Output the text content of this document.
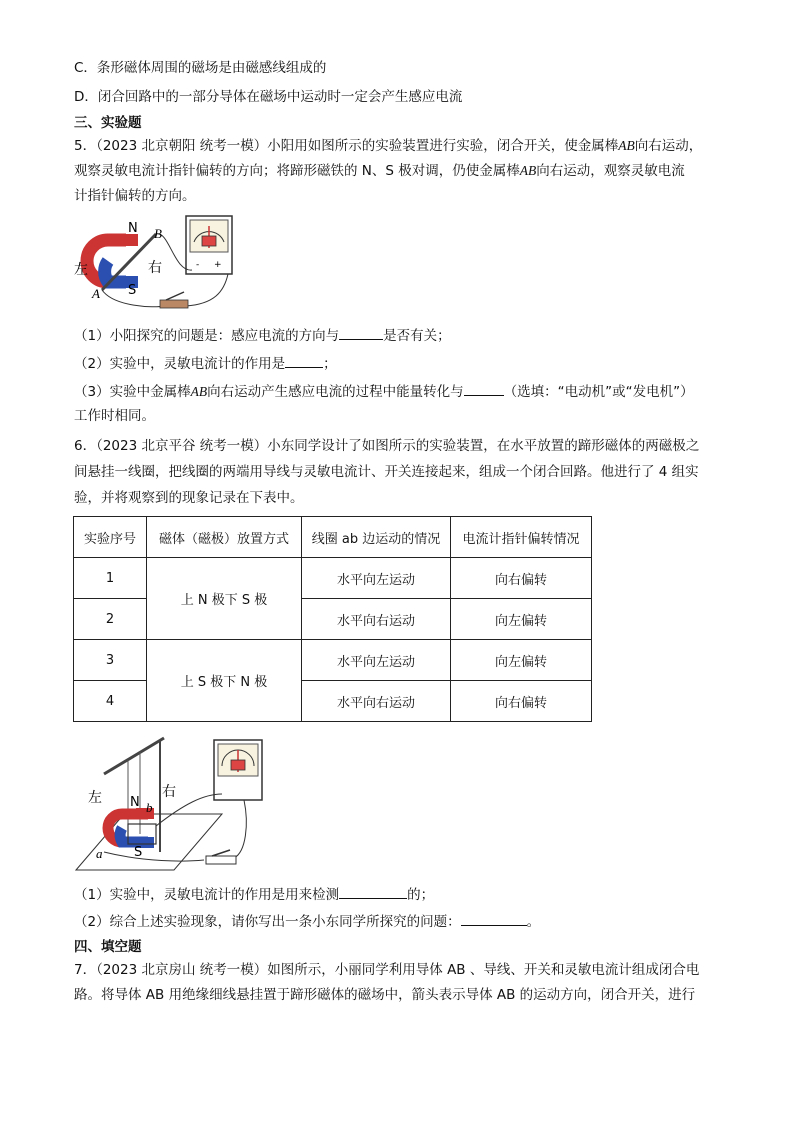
C．条形磁体周围的磁场是由磁感线组成的
D．闭合回路中的一部分导体在磁场中运动时一定会产生感应电流
三、实验题
5．（2023 北京朝阳 统考一模）小阳用如图所示的实验装置进行实验，闭合开关，使金属棒AB向右运动，
观察灵敏电流计指针偏转的方向；将蹄形磁铁的 N、S 极对调，仍使金属棒AB向右运动，观察灵敏电流
计指针偏转的方向。
- +
N
S
B
A
左	右
（1）小阳探究的问题是：感应电流的方向与	是否有关；
（2）实验中，灵敏电流计的作用是	；
（3）实验中金属棒AB向右运动产生感应电流的过程中能量转化与	（选填：“电动机”或“发电机”）
工作时相同。
6．（2023 北京平谷 统考一模）小东同学设计了如图所示的实验装置，在水平放置的蹄形磁体的两磁极之
间悬挂一线圈，把线圈的两端用导线与灵敏电流计、开关连接起来，组成一个闭合回路。他进行了 4 组实
验，并将观察到的现象记录在下表中。
实验序号	磁体（磁极）放置方式	线圈 ab 边运动的情况	电流计指针偏转情况
1	上 N 极下 S 极	水平向左运动	向右偏转
2		水平向右运动	向左偏转
3	上 S 极下 N 极	水平向左运动	向左偏转
4		水平向右运动	向右偏转
N
S
b
a
左	右
（1）实验中，灵敏电流计的作用是用来检测	的；
（2）综合上述实验现象，请你写出一条小东同学所探究的问题：	。
四、填空题
7．（2023 北京房山 统考一模）如图所示，小丽同学利用导体 AB 、导线、开关和灵敏电流计组成闭合电
路。将导体 AB 用绝缘细线悬挂置于蹄形磁体的磁场中，箭头表示导体 AB 的运动方向，闭合开关，进行
